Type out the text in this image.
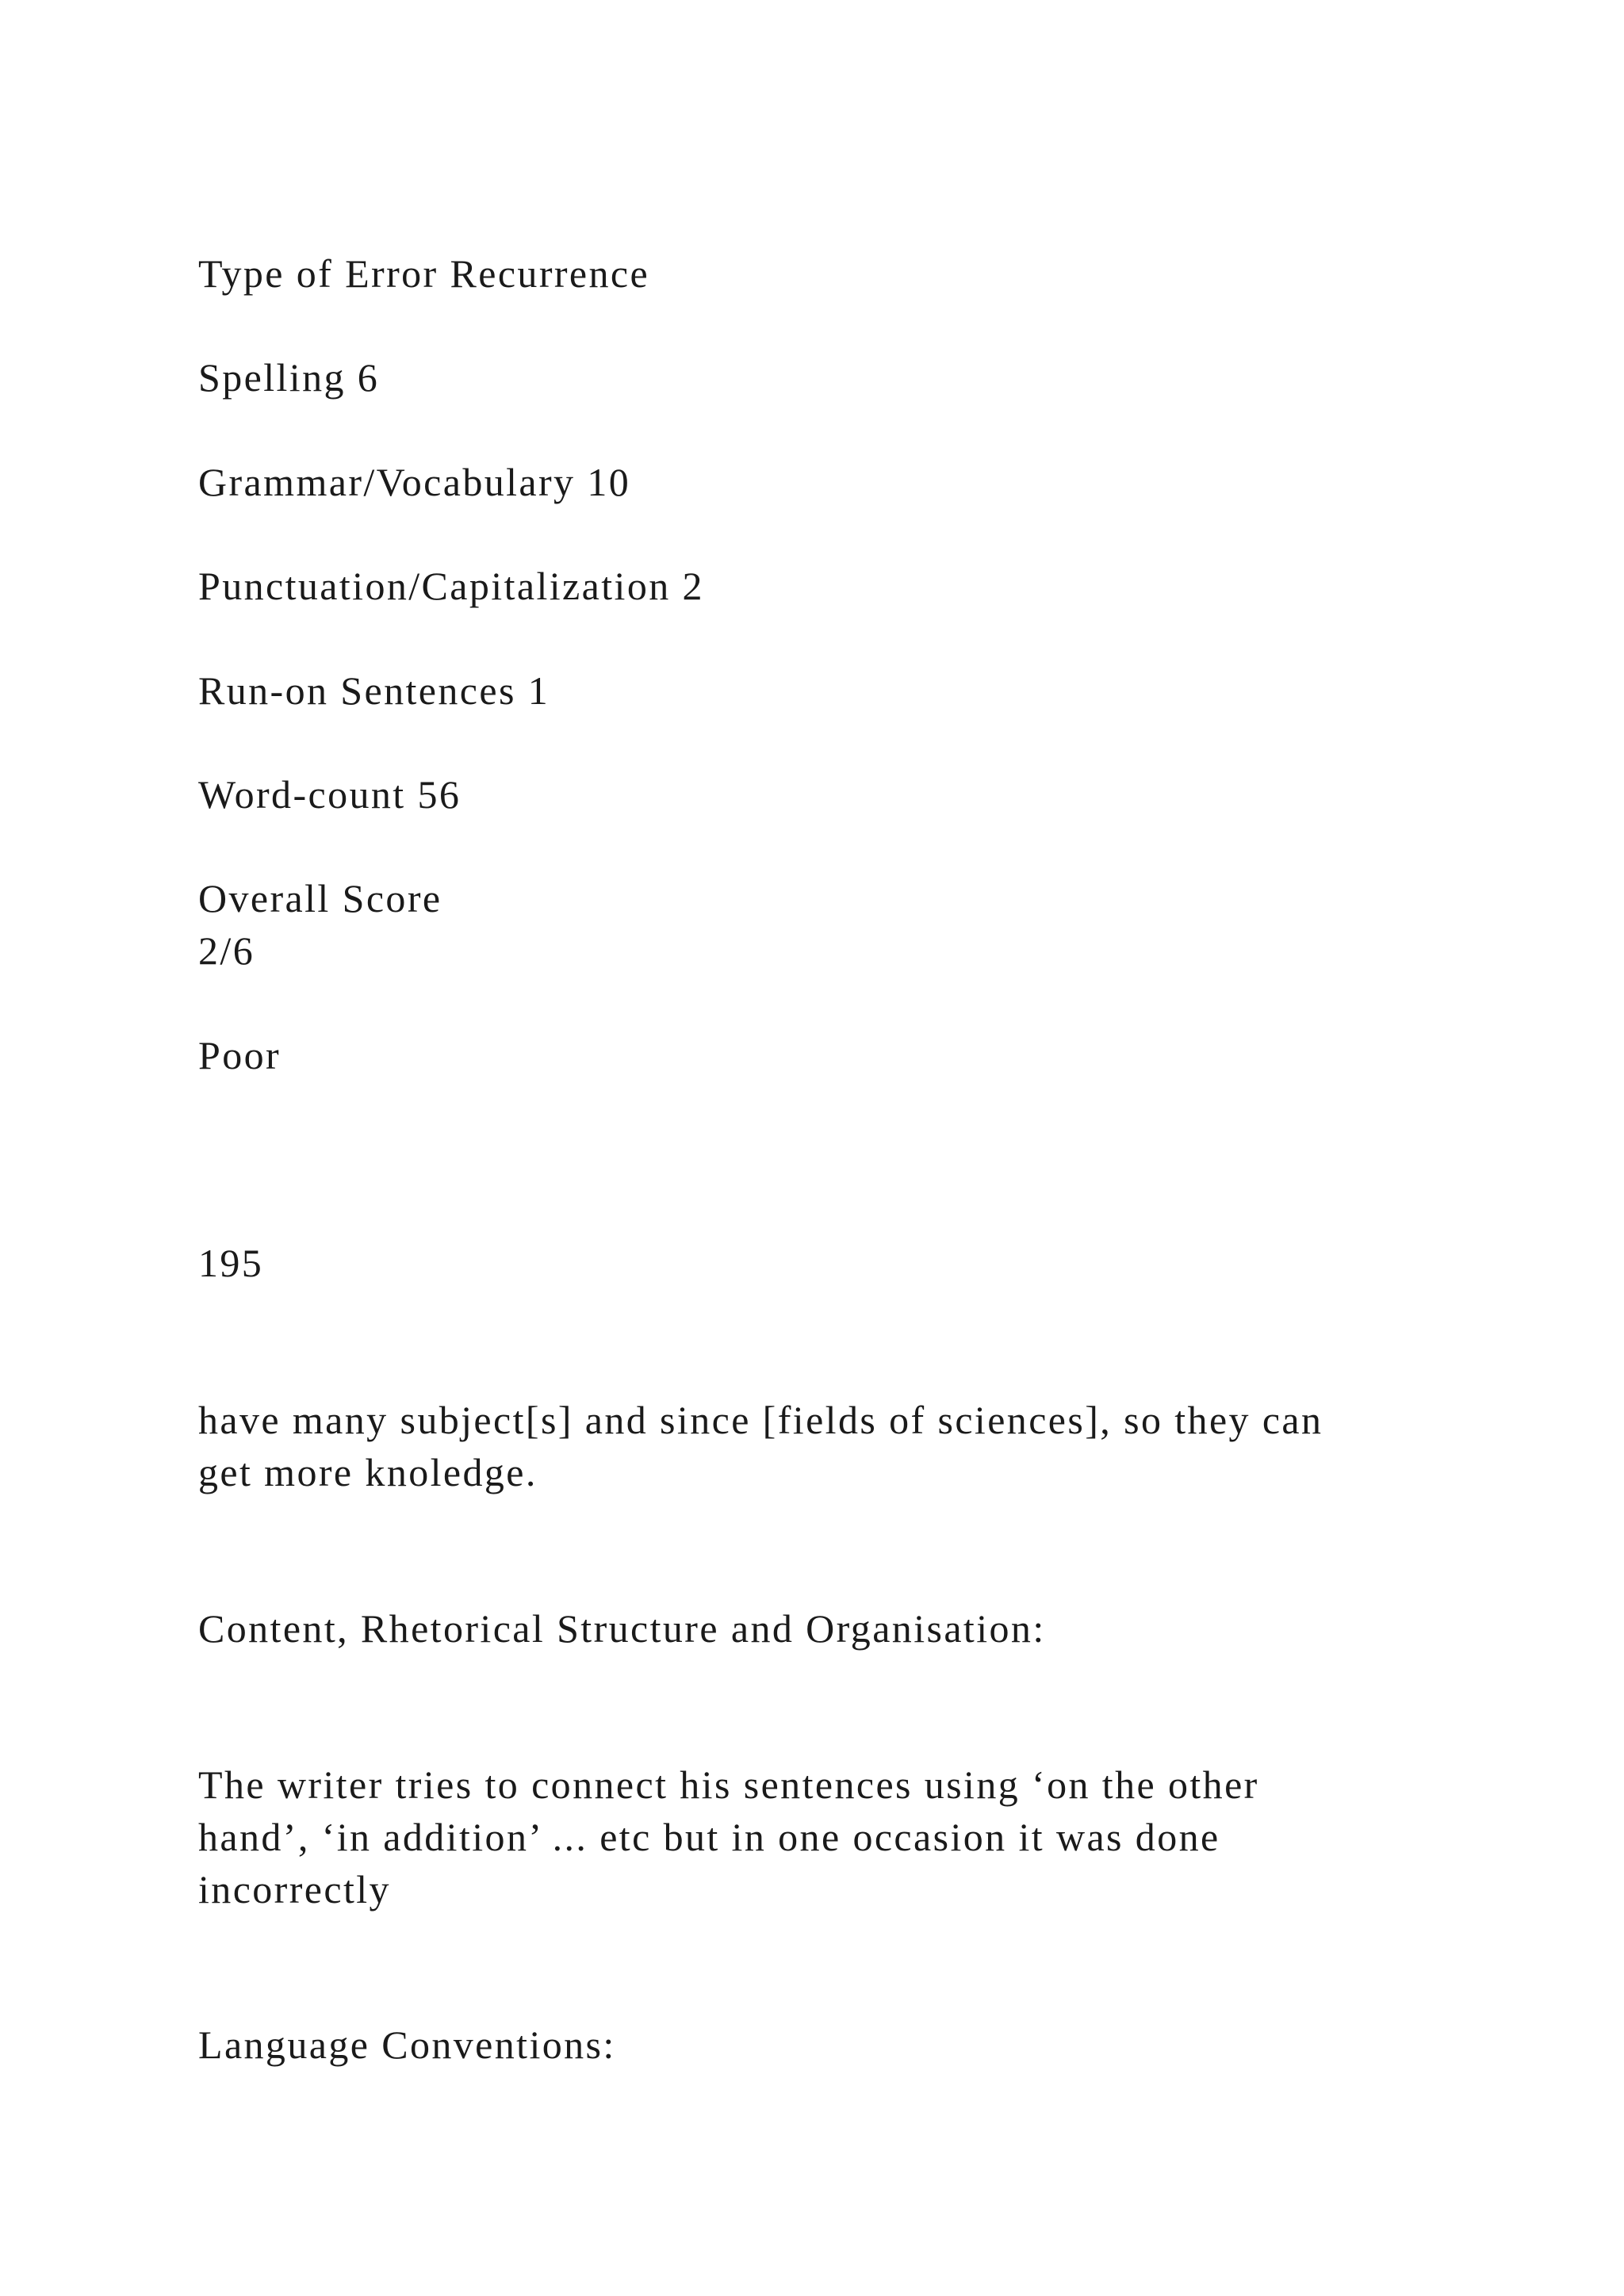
Type of Error Recurrence

Spelling 6

Grammar/Vocabulary 10

Punctuation/Capitalization 2

Run-on Sentences 1

Word-count 56

Overall Score

2/6

Poor

195

have many subject[s] and since [fields of sciences], so they can
get more knoledge.

Content, Rhetorical Structure and Organisation:

The writer tries to connect his sentences using ‘on the other
hand’, ‘in addition’ ... etc but in one occasion it was done
incorrectly

Language Conventions:
